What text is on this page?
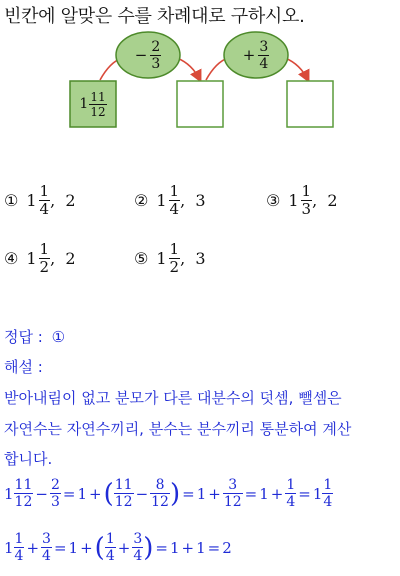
빈칸에 알맞은 수를 차례대로 구하시오.
− $\frac{2}{3}$	+ $\frac{3}{4}$
$1 \frac{11}{12}$
① $1 \frac{1}{4}$ ,  2	② $1 \frac{1}{4}$ ,  3	③ $1 \frac{1}{3}$ ,  2
④ $1 \frac{1}{2}$ ,  2	⑤ $1 \frac{1}{2}$ ,  3
정답 : ①
해설 :
받아내림이 없고 분모가 다른 대분수의 덧셈, 뺄셈은
자연수는 자연수끼리, 분수는 분수끼리 통분하여 계산
합니다.
$1 \frac{11}{12} - \frac{2}{3} = 1$ + ( $\frac{11}{12} - \frac{8}{12}$ ) = $1 + \frac{3}{12} = 1 + \frac{1}{4} = 1 \frac{1}{4}$
$1 \frac{1}{4} + \frac{3}{4} = 1$ + ( $\frac{1}{4} + \frac{3}{4}$ ) = 1 + 1 = 2
